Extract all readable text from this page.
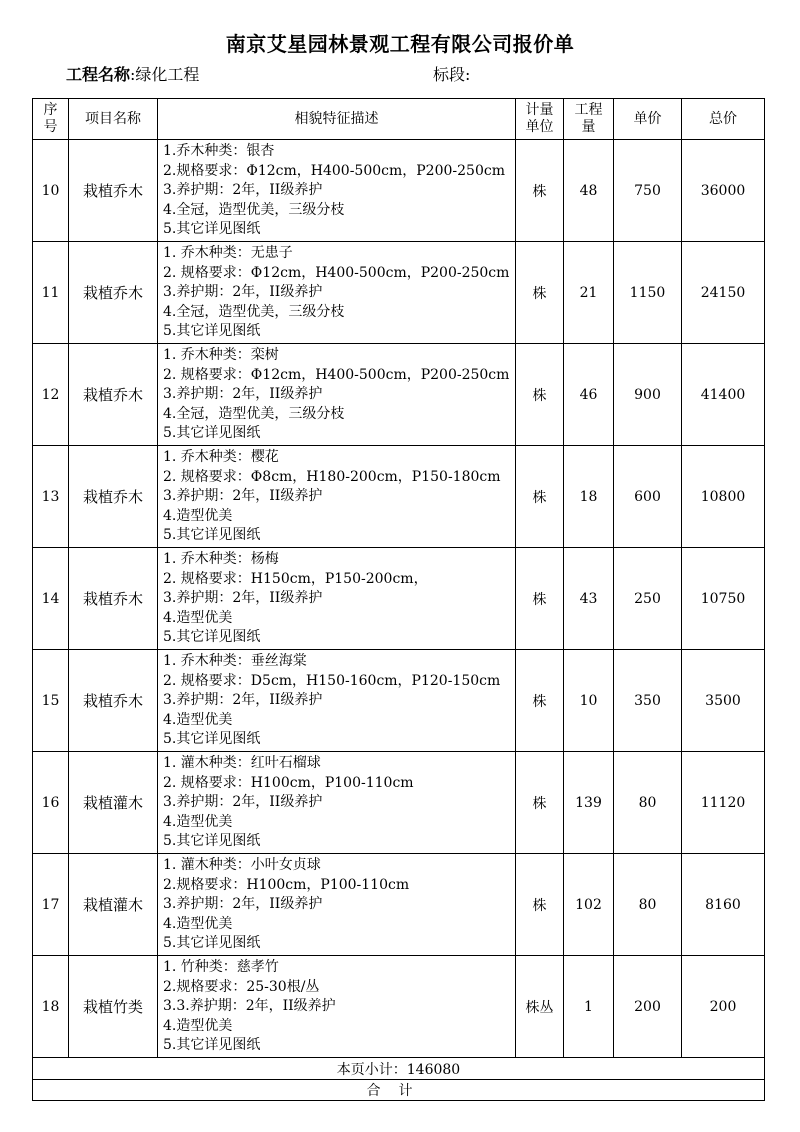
南京艾星园林景观工程有限公司报价单
工程名称:绿化工程	标段:
序号	项目名称	相貌特征描述	计量单位	工程量	单价	总价
10	栽植乔木	1.乔木种类：银杏
2.规格要求：Φ12cm，H400-500cm，P200-250cm
3.养护期：2年，II级养护
4.全冠，造型优美，三级分枝
5.其它详见图纸	株	48	750	36000
11	栽植乔木	1. 乔木种类：无患子
2. 规格要求：Φ12cm，H400-500cm，P200-250cm
3.养护期：2年，II级养护
4.全冠，造型优美，三级分枝
5.其它详见图纸	株	21	1150	24150
12	栽植乔木	1. 乔木种类：栾树
2. 规格要求：Φ12cm，H400-500cm，P200-250cm
3.养护期：2年，II级养护
4.全冠，造型优美，三级分枝
5.其它详见图纸	株	46	900	41400
13	栽植乔木	1. 乔木种类：樱花
2. 规格要求：Φ8cm，H180-200cm，P150-180cm
3.养护期：2年，II级养护
4.造型优美
5.其它详见图纸	株	18	600	10800
14	栽植乔木	1. 乔木种类：杨梅
2. 规格要求：H150cm，P150-200cm，
3.养护期：2年，II级养护
4.造型优美
5.其它详见图纸	株	43	250	10750
15	栽植乔木	1. 乔木种类：垂丝海棠
2. 规格要求：D5cm，H150-160cm，P120-150cm
3.养护期：2年，II级养护
4.造型优美
5.其它详见图纸	株	10	350	3500
16	栽植灌木	1. 灌木种类：红叶石榴球
2. 规格要求：H100cm，P100-110cm
3.养护期：2年，II级养护
4.造型优美
5.其它详见图纸	株	139	80	11120
17	栽植灌木	1. 灌木种类：小叶女贞球
2.规格要求：H100cm，P100-110cm
3.养护期：2年，II级养护
4.造型优美
5.其它详见图纸	株	102	80	8160
18	栽植竹类	1. 竹种类：慈孝竹
2.规格要求：25-30根/丛
3.3.养护期：2年，II级养护
4.造型优美
5.其它详见图纸	株丛	1	200	200
本页小计：146080						
合计						
